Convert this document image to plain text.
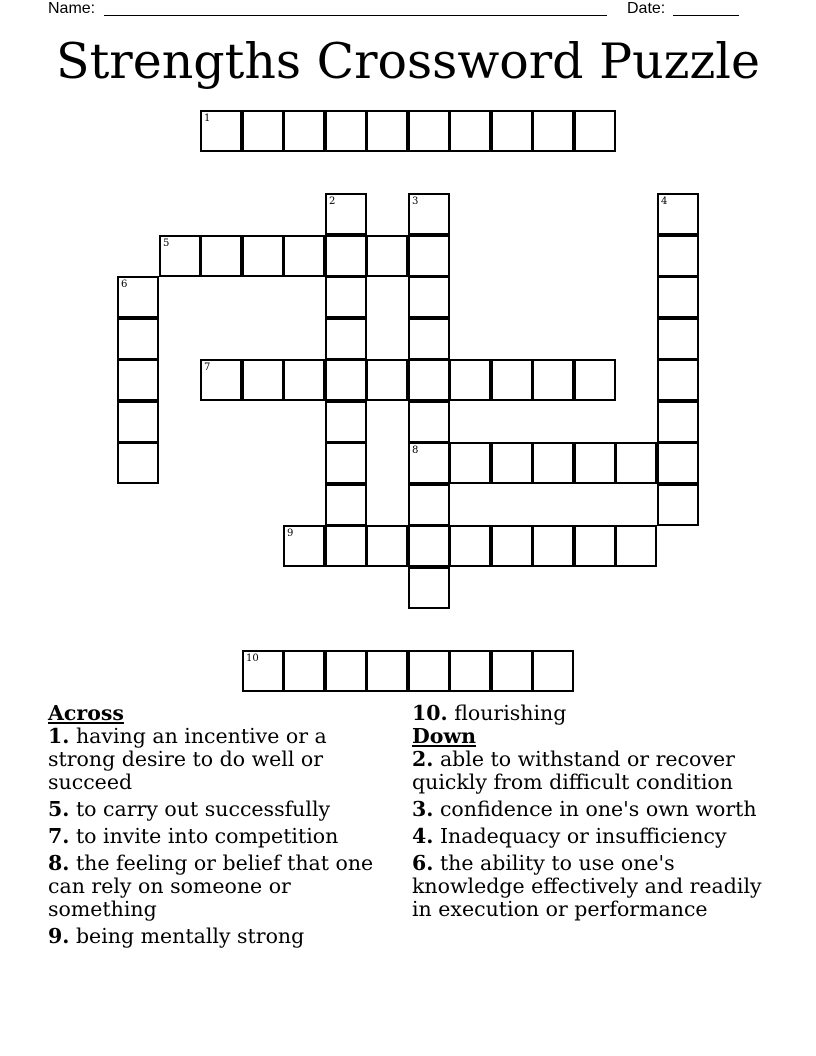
Name:	Date:
Strengths Crossword Puzzle
1
2	3	4
5
6
7
8
9
10

Across

1. having an incentive or a strong desire to do well or succeed

5. to carry out successfully

7. to invite into competition

8. the feeling or belief that one can rely on someone or something

9. being mentally strong

10. flourishing

Down

2. able to withstand or recover quickly from difficult condition

3. confidence in one's own worth

4. Inadequacy or insufficiency

6. the ability to use one's knowledge effectively and readily in execution or performance
